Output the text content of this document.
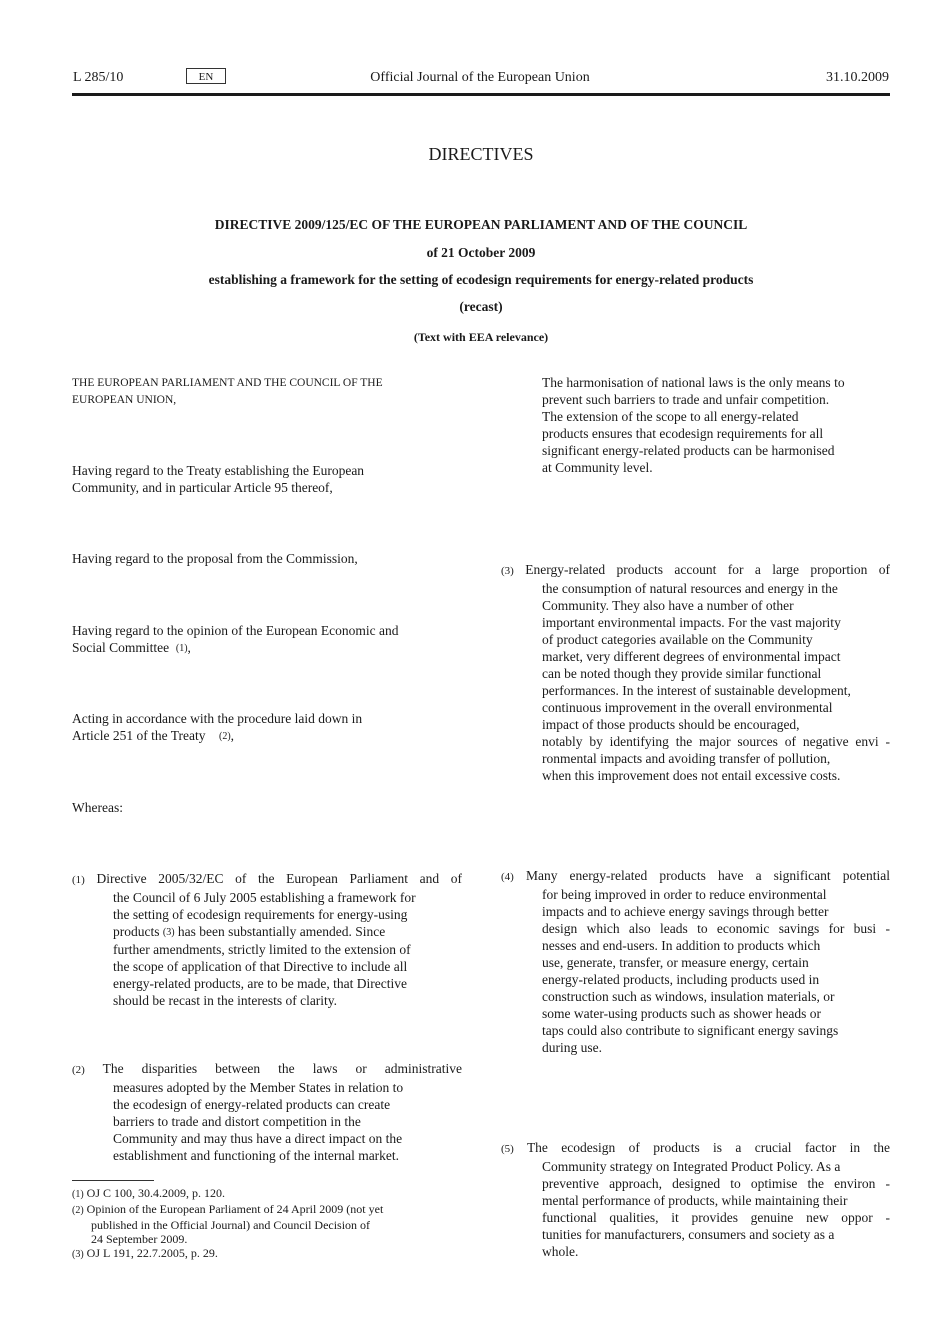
L 285/10	EN	Official Journal of the European Union	31.10.2009
DIRECTIVES
DIRECTIVE 2009/125/EC OF THE EUROPEAN PARLIAMENT AND OF THE COUNCIL
of 21 October 2009
establishing a framework for the setting of ecodesign requirements for energy-related products
(recast)
(Text with EEA relevance)
THE EUROPEAN PARLIAMENT AND THE COUNCIL OF THE
EUROPEAN UNION,
Having regard to the Treaty establishing the European
Community, and in particular Article 95 thereof,
Having regard to the proposal from the Commission,
Having regard to the opinion of the European Economic and
Social Committee (1),
Acting in accordance with the procedure laid down in
Article 251 of the Treaty (2),
Whereas:
(1) Directive 2005/32/EC of the European Parliament and of
the Council of 6 July 2005 establishing a framework for
the setting of ecodesign requirements for energy-using
products (3) has been substantially amended. Since
further amendments, strictly limited to the extension of
the scope of application of that Directive to include all
energy-related products, are to be made, that Directive
should be recast in the interests of clarity.
(2) The disparities between the laws or administrative
measures adopted by the Member States in relation to
the ecodesign of energy-related products can create
barriers to trade and distort competition in the
Community and may thus have a direct impact on the
establishment and functioning of the internal market.
(1) OJ C 100, 30.4.2009, p. 120.
(2) Opinion of the European Parliament of 24 April 2009 (not yet
published in the Official Journal) and Council Decision of
24 September 2009.
(3) OJ L 191, 22.7.2005, p. 29.
The harmonisation of national laws is the only means to
prevent such barriers to trade and unfair competition.
The extension of the scope to all energy-related
products ensures that ecodesign requirements for all
significant energy-related products can be harmonised
at Community level.
(3) Energy-related products account for a large proportion of
the consumption of natural resources and energy in the
Community. They also have a number of other
important environmental impacts. For the vast majority
of product categories available on the Community
market, very different degrees of environmental impact
can be noted though they provide similar functional
performances. In the interest of sustainable development,
continuous improvement in the overall environmental
impact of those products should be encouraged,
notably by identifying the major sources of negative envi -
ronmental impacts and avoiding transfer of pollution,
when this improvement does not entail excessive costs.
(4) Many energy-related products have a significant potential
for being improved in order to reduce environmental
impacts and to achieve energy savings through better
design which also leads to economic savings for busi -
nesses and end-users. In addition to products which
use, generate, transfer, or measure energy, certain
energy-related products, including products used in
construction such as windows, insulation materials, or
some water-using products such as shower heads or
taps could also contribute to significant energy savings
during use.
(5) The ecodesign of products is a crucial factor in the
Community strategy on Integrated Product Policy. As a
preventive approach, designed to optimise the environ -
mental performance of products, while maintaining their
functional qualities, it provides genuine new oppor -
tunities for manufacturers, consumers and society as a
whole.
